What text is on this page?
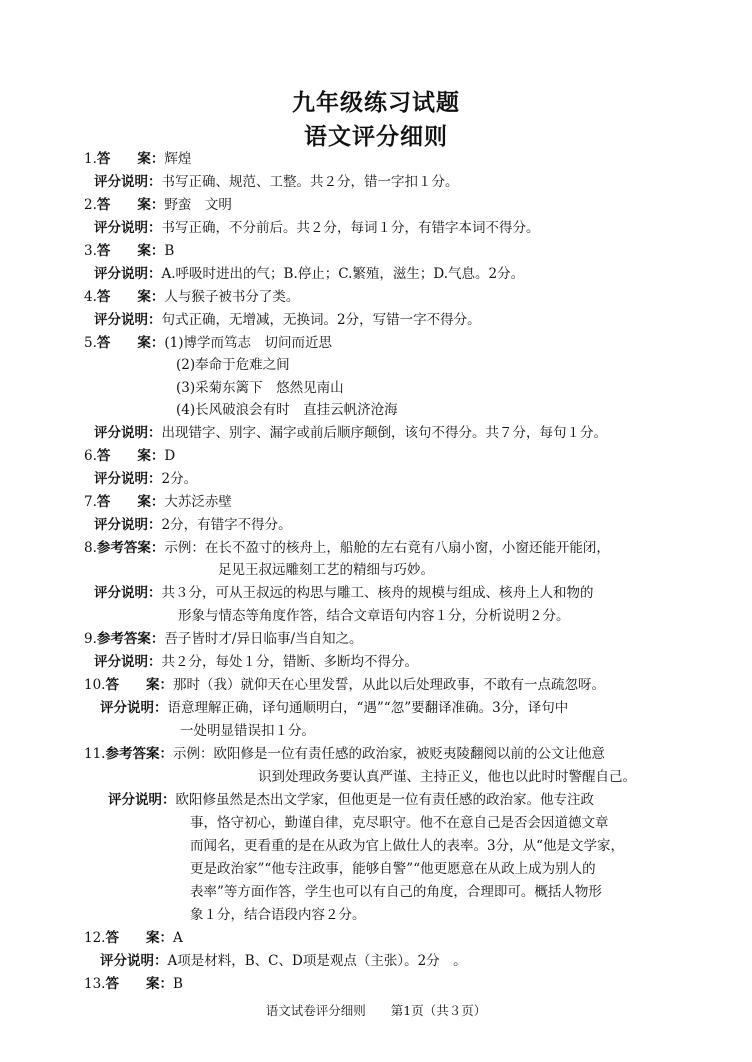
九年级练习试题
语文评分细则
1.答　　案：辉煌
评分说明：书写正确、规范、工整。共２分，错一字扣１分。
2.答　　案：野蛮　文明
评分说明：书写正确，不分前后。共２分，每词１分，有错字本词不得分。
3.答　　案：B
评分说明：A.呼吸时进出的气；B.停止；C.繁殖，滋生；D.气息。2分。
4.答　　案：人与猴子被书分了类。
评分说明：句式正确，无增减，无换词。2分，写错一字不得分。
5.答　　案：(1)博学而笃志　切问而近思
(2)奉命于危难之间
(3)采菊东篱下　悠然见南山
(4)长风破浪会有时　直挂云帆济沧海
评分说明：出现错字、别字、漏字或前后顺序颠倒，该句不得分。共７分，每句１分。
6.答　　案：D
评分说明：2分。
7.答　　案：大苏泛赤壁
评分说明：2分，有错字不得分。
8.参考答案：示例：在长不盈寸的核舟上，船舱的左右竟有八扇小窗，小窗还能开能闭，
足见王叔远雕刻工艺的精细与巧妙。
评分说明：共３分，可从王叔远的构思与雕工、核舟的规模与组成、核舟上人和物的
形象与情态等角度作答，结合文章语句内容１分，分析说明２分。
9.参考答案：吾子皆时才/异日临事/当自知之。
评分说明：共２分，每处１分，错断、多断均不得分。
10.答　　案：那时（我）就仰天在心里发誓，从此以后处理政事，不敢有一点疏忽呀。
评分说明：语意理解正确，译句通顺明白，“遇”“忽”要翻译准确。3分，译句中
一处明显错误扣１分。
11.参考答案：示例：欧阳修是一位有责任感的政治家，被贬夷陵翻阅以前的公文让他意
识到处理政务要认真严谨、主持正义，他也以此时时警醒自己。
评分说明：欧阳修虽然是杰出文学家，但他更是一位有责任感的政治家。他专注政
事，恪守初心，勤谨自律，克尽职守。他不在意自己是否会因道德文章
而闻名，更看重的是在从政为官上做仕人的表率。3分，从“他是文学家，
更是政治家”“他专注政事，能够自警”“他更愿意在从政上成为别人的
表率”等方面作答，学生也可以有自己的角度，合理即可。概括人物形
象１分，结合语段内容２分。
12.答　　案：A
评分说明：A项是材料，B、C、D项是观点（主张）。2分　。
13.答　　案：B
语文试卷评分细则　　第1页（共３页）
